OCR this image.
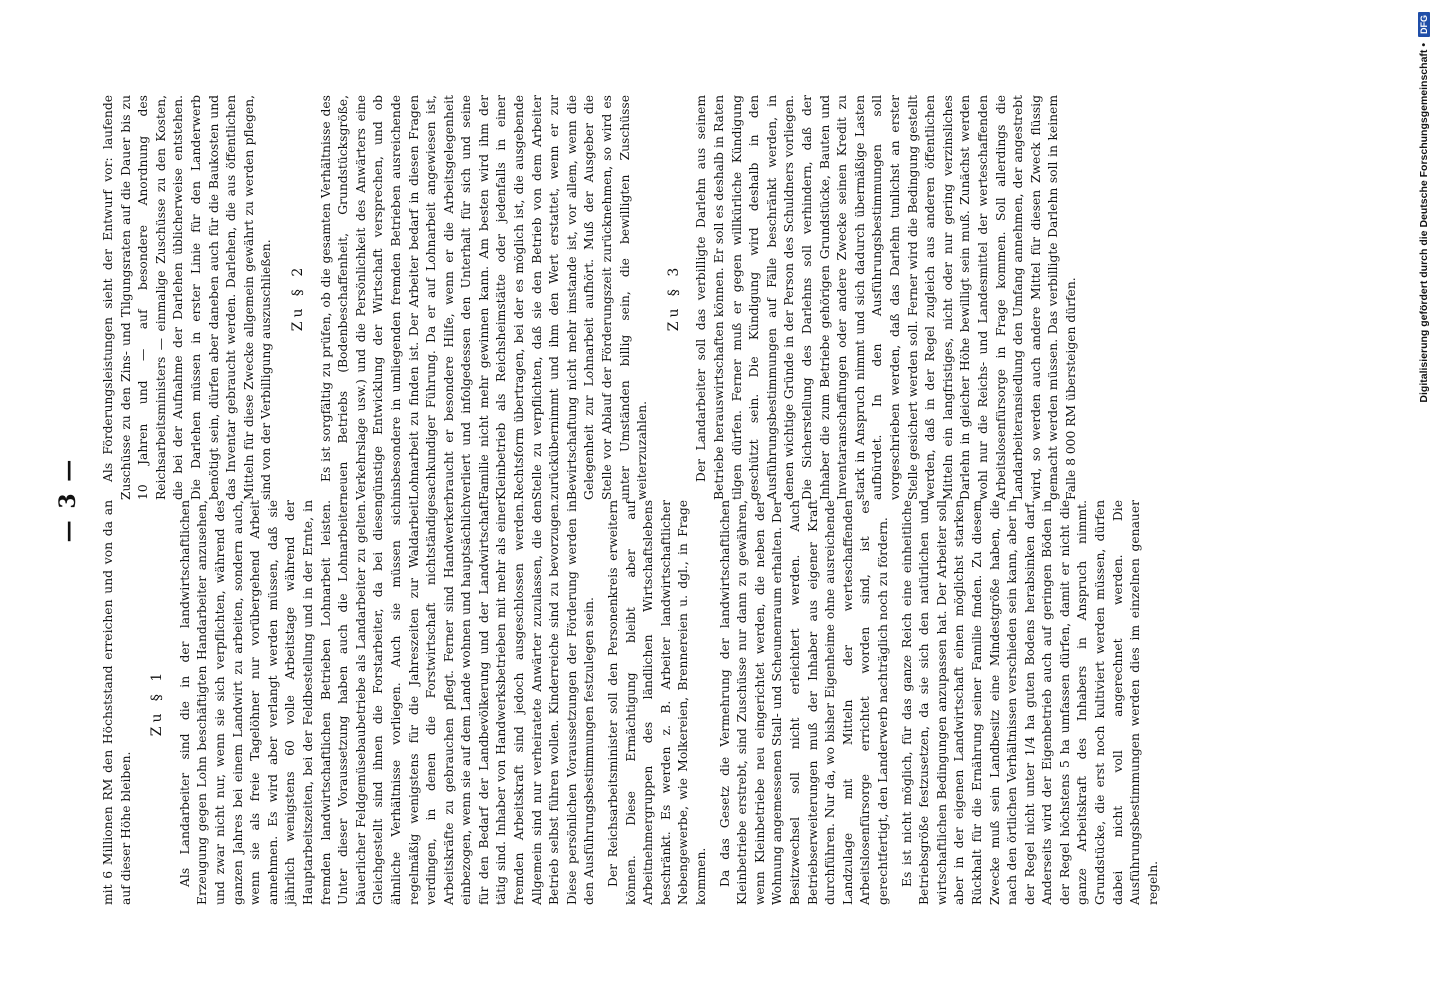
— 3 — mit 6 Millionen RM den Höchststand erreichen und von da an auf dieser Höhe bleiben.

Zu § 1 Als Landarbeiter sind die in der landwirtschaftlichen Erzeugung gegen Lohn beschäftigten Handarbeiter anzusehen, und zwar nicht nur, wenn sie sich verpflichten, während des ganzen Jahres bei einem Landwirt zu arbeiten, sondern auch, wenn sie als freie Tagelöhner nur vorübergehend Arbeit annehmen. Es wird aber verlangt werden müssen, daß sie jährlich wenigstens 60 volle Arbeitstage während der Hauptarbeitszeiten, bei der Feldbestellung und in der Ernte, in fremden landwirtschaftlichen Betrieben Lohnarbeit leisten. Unter dieser Voraussetzung haben auch die Lohnarbeiter bäuerlicher Feldgemüsebaubetriebe als Landarbeiter zu gelten. Gleichgestellt sind ihnen die Forstarbeiter, da bei diesen ähnliche Verhältnisse vorliegen. Auch sie müssen sich regelmäßig wenigstens für die Jahreszeiten zur Waldarbeit verdingen, in denen die Forstwirtschaft nichtständige Arbeitskräfte zu gebrauchen pflegt. Ferner sind Handwerker einbezogen, wenn sie auf dem Lande wohnen und hauptsächlich für den Bedarf der Landbevölkerung und der Landwirtschaft tätig sind. Inhaber von Handwerksbetrieben mit mehr als einer fremden Arbeitskraft sind jedoch ausgeschlossen werden. Allgemein sind nur verheiratete Anwärter zuzulassen, die den Betrieb selbst führen wollen. Kinderreiche sind zu bevorzugen. Diese persönlichen Voraussetzungen der Förderung werden in den Ausführungsbestimmungen festzulegen sein. Der Reichsarbeitsminister soll den Personenkreis erweitern können. Diese Ermächtigung bleibt aber auf Arbeitnehmergruppen des ländlichen Wirtschaftslebens beschränkt. Es werden z. B. Arbeiter landwirtschaftlicher Nebengewerbe, wie Molkereien, Brennereien u. dgl., in Frage kommen. Da das Gesetz die Vermehrung der landwirtschaftlichen Kleinbetriebe erstrebt, sind Zuschüsse nur dann zu gewähren, wenn Kleinbetriebe neu eingerichtet werden, die neben der Wohnung angemessenen Stall- und Scheunenraum erhalten. Der Besitzwechsel soll nicht erleichtert werden. Auch Betriebserweiterungen muß der Inhaber aus eigener Kraft durchführen. Nur da, wo bisher Eigenheime ohne ausreichende Landzulage mit Mitteln der werteschaffenden Arbeitslosenfürsorge errichtet worden sind, ist es gerechtfertigt, den Landerwerb nachträglich noch zu fördern. Es ist nicht möglich, für das ganze Reich eine einheitliche Betriebsgröße festzusetzen, da sie sich den natürlichen und wirtschaftlichen Bedingungen anzupassen hat. Der Arbeiter soll aber in der eigenen Landwirtschaft einen möglichst starken Rückhalt für die Ernährung seiner Familie finden. Zu diesem Zwecke muß sein Landbesitz eine Mindestgröße haben, die nach den örtlichen Verhältnissen verschieden sein kann, aber in der Regel nicht unter 1/4 ha guten Bodens herabsinken darf. Anderseits wird der Eigenbetrieb auch auf geringen Böden in der Regel höchstens 5 ha umfassen dürfen, damit er nicht die ganze Arbeitskraft des Inhabers in Anspruch nimmt. Grundstücke, die erst noch kultiviert werden müssen, dürfen dabei nicht voll angerechnet werden. Die Ausführungsbestimmungen werden dies im einzelnen genauer regeln.

Als Förderungsleistungen sieht der Entwurf vor: laufende Zuschüsse zu den Zins- und Tilgungsraten auf die Dauer bis zu 10 Jahren und — auf besondere Anordnung des Reichsarbeitsministers — einmalige Zuschüsse zu den Kosten, die bei der Aufnahme der Darlehen üblicherweise entstehen. Die Darlehen müssen in erster Linie für den Landerwerb benötigt sein, dürfen aber daneben auch für die Baukosten und das Inventar gebraucht werden. Darlehen, die aus öffentlichen Mitteln für diese Zwecke allgemein gewährt zu werden pflegen, sind von der Verbilligung auszuschließen. Zu § 2 Es ist sorgfältig zu prüfen, ob die gesamten Verhältnisse des neuen Betriebs (Bodenbeschaffenheit, Grundstücksgröße, Verkehrslage usw.) und die Persönlichkeit des Anwärters eine günstige Entwicklung der Wirtschaft versprechen, und ob insbesondere in umliegenden fremden Betrieben ausreichende Lohnarbeit zu finden ist. Der Arbeiter bedarf in diesen Fragen sachkundiger Führung. Da er auf Lohnarbeit angewiesen ist, braucht er besondere Hilfe, wenn er die Arbeitsgelegenheit verliert und infolgedessen den Unterhalt für sich und seine Familie nicht mehr gewinnen kann. Am besten wird ihm der Kleinbetrieb als Reichsheimstätte oder jedenfalls in einer Rechtsform übertragen, bei der es möglich ist, die ausgebende Stelle zu verpflichten, daß sie den Betrieb von dem Arbeiter zurückübernimmt und ihm den Wert erstattet, wenn er zur Bewirtschaftung nicht mehr imstande ist, vor allem, wenn die Gelegenheit zur Lohnarbeit aufhört. Muß der Ausgeber die Stelle vor Ablauf der Förderungszeit zurücknehmen, so wird es unter Umständen billig sein, die bewilligten Zuschüsse weiterzuzahlen.

Zu § 3 Der Landarbeiter soll das verbilligte Darlehn aus seinem Betriebe herauswirtschaften können. Er soll es deshalb in Raten tilgen dürfen. Ferner muß er gegen willkürliche Kündigung geschützt sein. Die Kündigung wird deshalb in den Ausführungsbestimmungen auf Fälle beschränkt werden, in denen wichtige Gründe in der Person des Schuldners vorliegen. Die Sicherstellung des Darlehns soll verhindern, daß der Inhaber die zum Betriebe gehörigen Grundstücke, Bauten und Inventaranschaffungen oder andere Zwecke seinen Kredit zu stark in Anspruch nimmt und sich dadurch übermäßige Lasten aufbürdet. In den Ausführungsbestimmungen soll vorgeschrieben werden, daß das Darlehn tunlichst an erster Stelle gesichert werden soll. Ferner wird die Bedingung gestellt werden, daß in der Regel zugleich aus anderen öffentlichen Mitteln ein langfristiges, nicht oder nur gering verzinsliches Darlehn in gleicher Höhe bewilligt sein muß. Zunächst werden wohl nur die Reichs- und Landesmittel der werteschaffenden Arbeitslosenfürsorge in Frage kommen. Soll allerdings die Landarbeiteransiedlung den Umfang annehmen, der angestrebt wird, so werden auch andere Mittel für diesen Zweck flüssig gemacht werden müssen. Das verbilligte Darlehn soll in keinem Falle 8 000 RM übersteigen dürfen.	Digitalisierung gefördert durch die Deutsche Forschungsgemeinschaft •
DFG
